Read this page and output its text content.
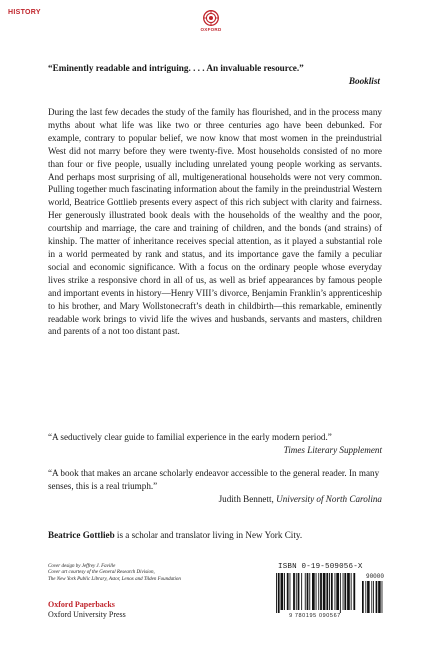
HISTORY
OXFORD
“Eminently readable and intriguing. . . . An invaluable resource.”
Booklist
During the last few decades the study of the family has flourished, and in the process many myths about what life was like two or three centuries ago have been debunked. For example, contrary to popular belief, we now know that most women in the preindustrial West did not marry before they were twenty-five. Most households consisted of no more than four or five people, usually including unrelated young people working as servants. And perhaps most surprising of all, multigenerational households were not very common. Pulling together much fascinating information about the family in the preindustrial Western world, Beatrice Gottlieb presents every aspect of this rich subject with clarity and fairness. Her generously illustrated book deals with the households of the wealthy and the poor, courtship and marriage, the care and training of children, and the bonds (and strains) of kinship. The matter of inheritance receives special attention, as it played a substantial role in a world permeated by rank and status, and its importance gave the family a peculiar social and economic significance. With a focus on the ordinary people whose everyday lives strike a responsive chord in all of us, as well as brief appearances by famous people and important events in history—Henry VIII’s divorce, Benjamin Franklin’s apprenticeship to his brother, and Mary Wollstonecraft’s death in childbirth—this remarkable, eminently readable work brings to vivid life the wives and husbands, servants and masters, children and parents of a not too distant past.
“A seductively clear guide to familial experience in the early modern period.”
Times Literary Supplement
“A book that makes an arcane scholarly endeavor accessible to the general reader. In many senses, this is a real triumph.”
Judith Bennett, University of North Carolina
Beatrice Gottlieb is a scholar and translator living in New York City.

Cover design by Jeffrey J. Faville

Cover art courtesy of the General Research Division,

The New York Public Library, Astor, Lenox and Tilden Foundation

Oxford Paperbacks
Oxford University Press
ISBN 0-19-509056-X
90000
9 780195 090567
